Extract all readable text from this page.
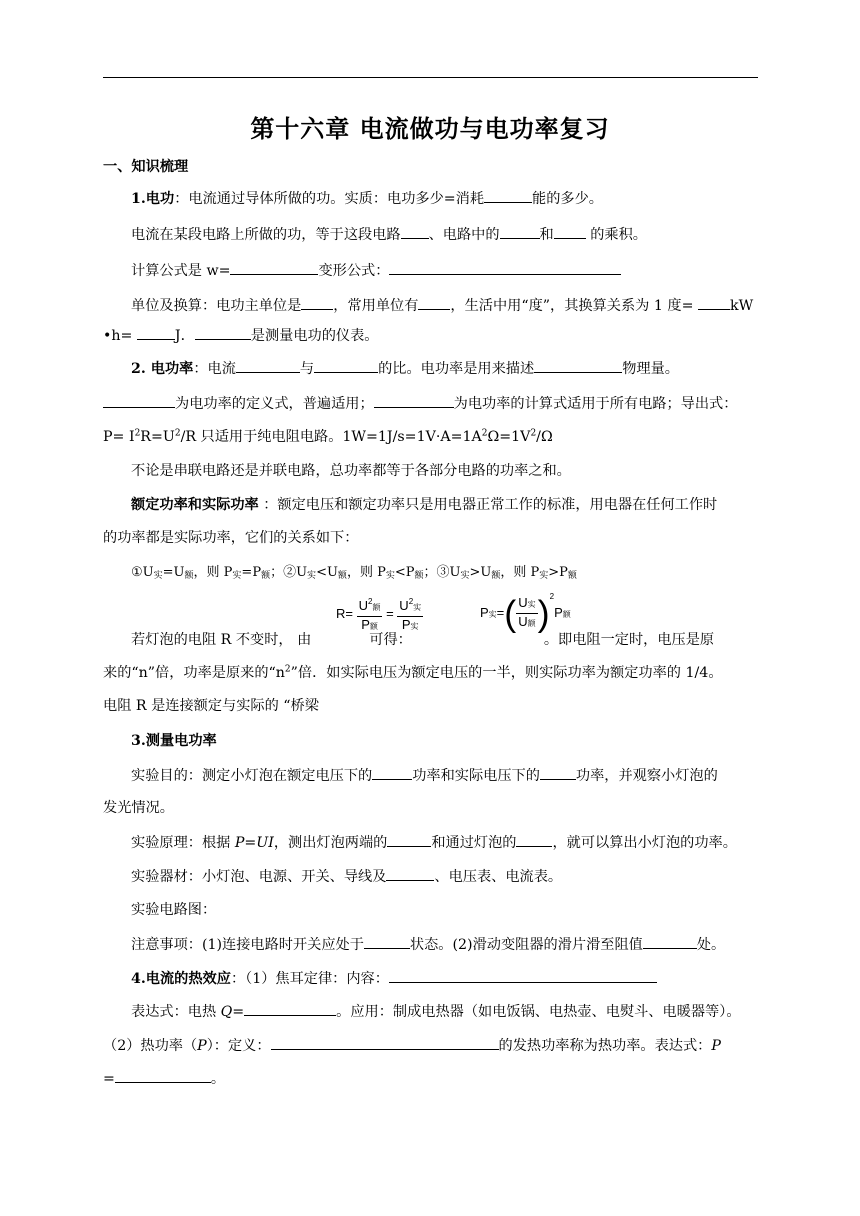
第十六章 电流做功与电功率复习
一、知识梳理
1.电功：电流通过导体所做的功。实质：电功多少=消耗	能的多少。
电流在某段电路上所做的功，等于这段电路 、电路中的	和 的乘积。
计算公式是 w=	变形公式：
单位及换算：电功主单位是 ，常用单位有 ，生活中用“度”，其换算关系为 1 度= kW
•h=	J．	是测量电功的仪表。
2. 电功率：电流	与	的比。电功率是用来描述	物理量。
为电功率的定义式，普遍适用；	为电功率的计算式适用于所有电路；导出式：
$P= I^2R=U^2/R$ 只适用于纯电阻电路。$1W=1J/s=1V\cdot A=1A^2\Omega=1V^2/\Omega$
不论是串联电路还是并联电路，总功率都等于各部分电路的功率之和。
额定功率和实际功率 ：额定电压和额定功率只是用电器正常工作的标准，用电器在任何工作时
的功率都是实际功率，它们的关系如下：
①U实=U额，则 P实=P额；②U实<U额，则 P实<P额；③U实>U额，则 P实>P额
$R= \frac{U^2额}{\text{P额}} = \frac{U^2实}{\text{P实}}$	P实=( $\frac{\text{U实}}{\text{U额}} )^2P$额
若灯泡的电阻 R 不变时， 由	可得：	。即电阻一定时，电压是原
来的“n”倍，功率是原来的“$n^2$”倍．如实际电压为额定电压的一半，则实际功率为额定功率的 1/4。
电阻 R 是连接额定与实际的 “桥梁
3.测量电功率
实验目的：测定小灯泡在额定电压下的	功率和实际电压下的	功率，并观察小灯泡的
发光情况。
实验原理：根据 P=UI，测出灯泡两端的	和通过灯泡的	，就可以算出小灯泡的功率。
实验器材：小灯泡、电源、开关、导线及	、电压表、电流表。
实验电路图：
注意事项：(1)连接电路时开关应处于	状态。(2)滑动变阻器的滑片滑至阻值	处。
4.电流的热效应：（1）焦耳定律：内容：
表达式：电热 Q=	。应用：制成电热器（如电饭锅、电热壶、电熨斗、电暖器等）。
（2）热功率（P）：定义：	的发热功率称为热功率。表达式：P
=	。
